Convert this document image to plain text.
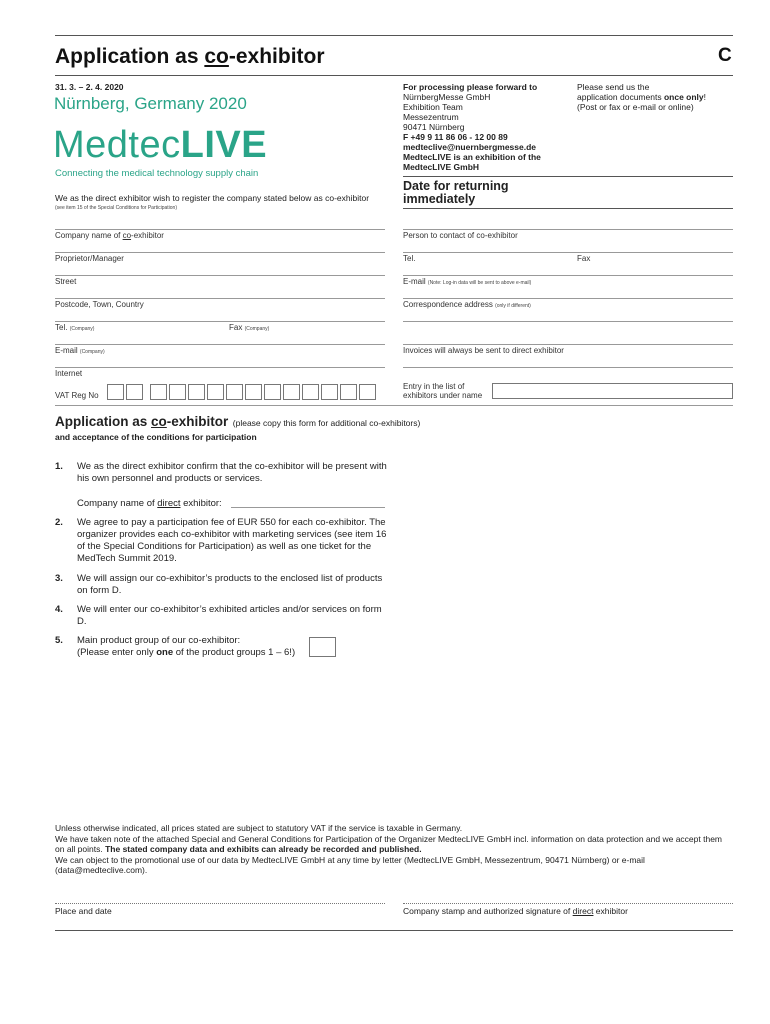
Application as co-exhibitor	C
31. 3. – 2. 4. 2020
Nürnberg, Germany 2020
MedtecLIVE
Connecting the medical technology supply chain
For processing please forward to
NürnbergMesse GmbH
Exhibition Team
Messezentrum
90471 Nürnberg
F +49 9 11 86 06 - 12 00 89
medteclive@nuernbergmesse.de
MedtecLIVE is an exhibition of the
MedtecLIVE GmbH
Please send us the
application documents once only!
(Post or fax or e-mail or online)
Date for returning
immediately
We as the direct exhibitor wish to register the company stated below as co-exhibitor
(see item 15 of the Special Conditions for Participation)
Company name of co-exhibitor
Proprietor/Manager
Street
Postcode, Town, Country
Tel. (Company)	Fax (Company)
E-mail (Company)
Internet
VAT Reg No
Person to contact of co-exhibitor
Tel.	Fax
E-mail (Note: Log-in data will be sent to above e-mail)
Correspondence address (only if different)
Invoices will always be sent to direct exhibitor
Entry in the list of
exhibitors under name
Application as co-exhibitor (please copy this form for additional co-exhibitors)
and acceptance of the conditions for participation
1. We as the direct exhibitor confirm that the co-exhibitor will be present with his own personnel and products or services.
Company name of direct exhibitor:
2. We agree to pay a participation fee of EUR 550 for each co-exhibitor. The organizer provides each co-exhibitor with marketing services (see item 16 of the Special Conditions for Participation) as well as one ticket for the MedTech Summit 2019.
3. We will assign our co-exhibitor’s products to the enclosed list of products on form D.
4. We will enter our co-exhibitor’s exhibited articles and/or services on form D.
5. Main product group of our co-exhibitor:
(Please enter only one of the product groups 1 – 6!)
Unless otherwise indicated, all prices stated are subject to statutory VAT if the service is taxable in Germany.
We have taken note of the attached Special and General Conditions for Participation of the Organizer MedtecLIVE GmbH incl. information on data protection and we accept them
on all points. The stated company data and exhibits can already be recorded and published.
We can object to the promotional use of our data by MedtecLIVE GmbH at any time by letter (MedtecLIVE GmbH, Messezentrum, 90471 Nürnberg) or e-mail
(data@medteclive.com).
Place and date	Company stamp and authorized signature of direct exhibitor
